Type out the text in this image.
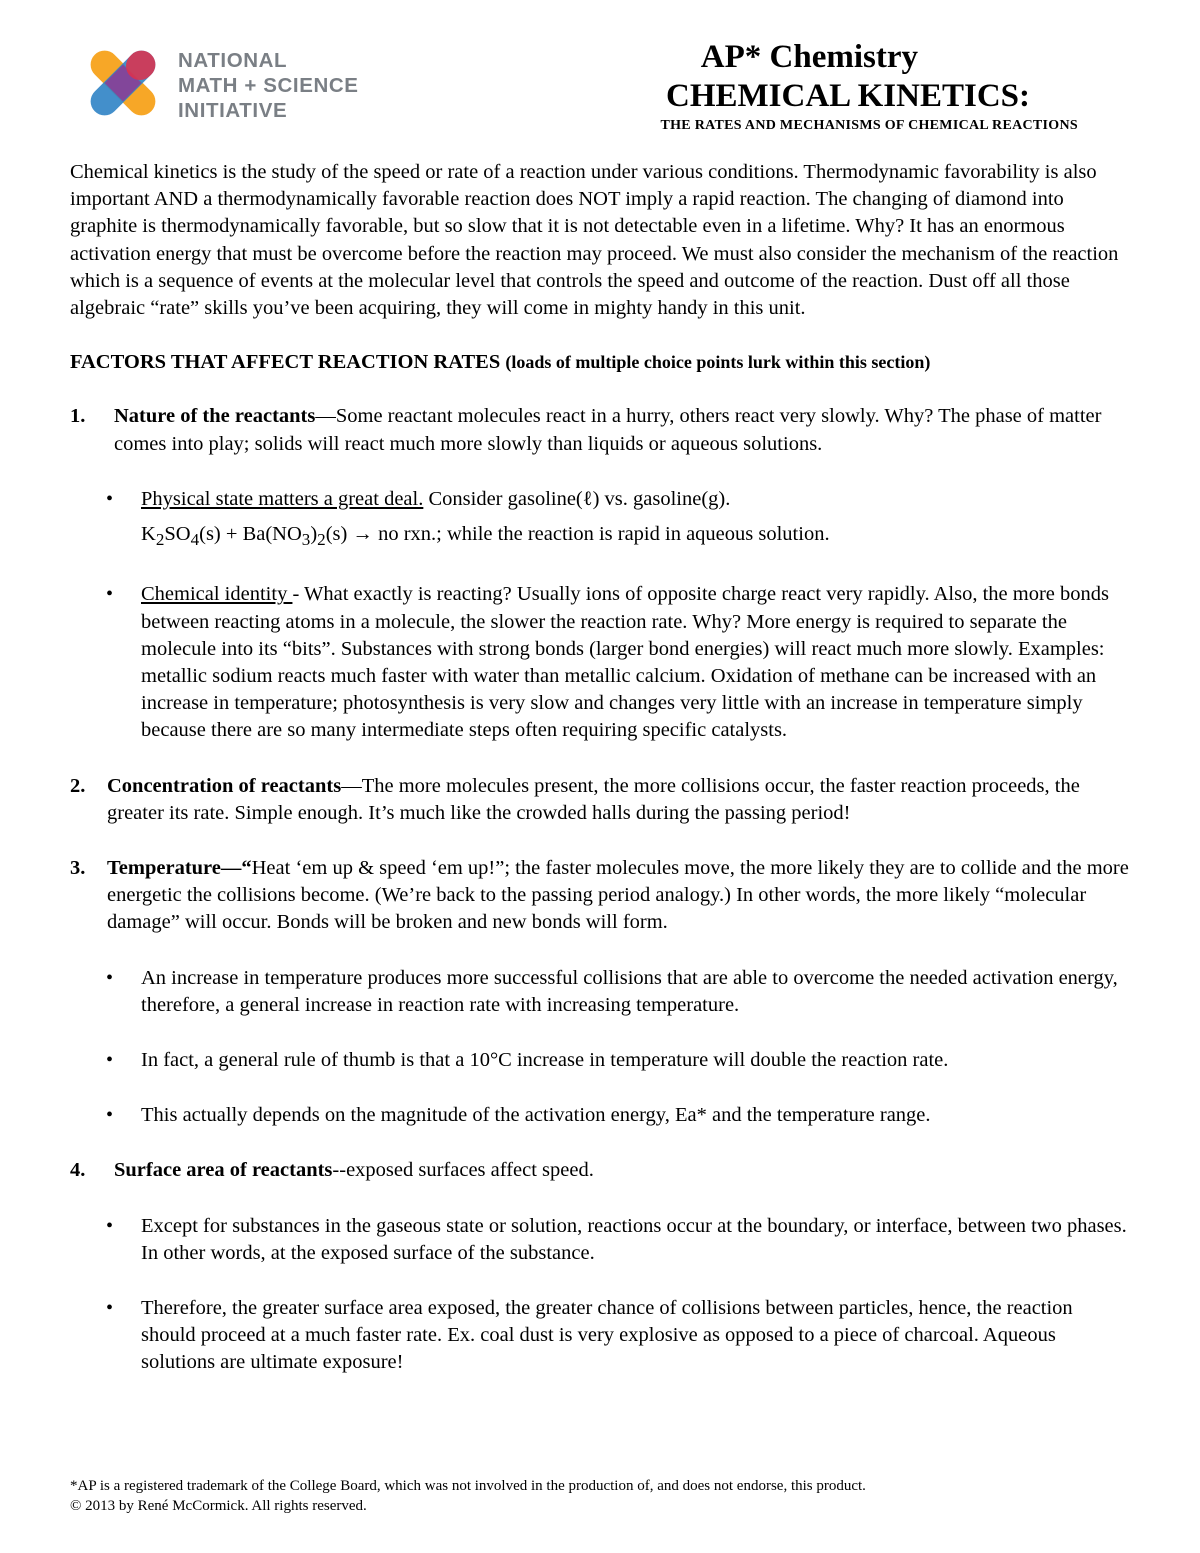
NATIONAL
MATH + SCIENCE
INITIATIVE
AP* Chemistry
CHEMICAL KINETICS:
THE RATES AND MECHANISMS OF CHEMICAL REACTIONS

Chemical kinetics is the study of the speed or rate of a reaction under various conditions. Thermodynamic favorability is also important AND a thermodynamically favorable reaction does NOT imply a rapid reaction. The changing of diamond into graphite is thermodynamically favorable, but so slow that it is not detectable even in a lifetime. Why? It has an enormous activation energy that must be overcome before the reaction may proceed. We must also consider the mechanism of the reaction which is a sequence of events at the molecular level that controls the speed and outcome of the reaction. Dust off all those algebraic “rate” skills you’ve been acquiring, they will come in mighty handy in this unit.

FACTORS THAT AFFECT REACTION RATES (loads of multiple choice points lurk within this section)

1. Nature of the reactants—Some reactant molecules react in a hurry, others react very slowly. Why? The phase of matter comes into play; solids will react much more slowly than liquids or aqueous solutions.
• Physical state matters a great deal. Consider gasoline(ℓ) vs. gasoline(g).
$K_2SO_4(s) + Ba(NO_3)_2(s)$ → no rxn.; while the reaction is rapid in aqueous solution.
• Chemical identity - What exactly is reacting? Usually ions of opposite charge react very rapidly. Also, the more bonds between reacting atoms in a molecule, the slower the reaction rate. Why? More energy is required to separate the molecule into its “bits”. Substances with strong bonds (larger bond energies) will react much more slowly. Examples: metallic sodium reacts much faster with water than metallic calcium. Oxidation of methane can be increased with an increase in temperature; photosynthesis is very slow and changes very little with an increase in temperature simply because there are so many intermediate steps often requiring specific catalysts.
2. Concentration of reactants—The more molecules present, the more collisions occur, the faster reaction proceeds, the greater its rate. Simple enough. It’s much like the crowded halls during the passing period!
3. Temperature—“Heat ‘em up & speed ‘em up!”; the faster molecules move, the more likely they are to collide and the more energetic the collisions become. (We’re back to the passing period analogy.) In other words, the more likely “molecular damage” will occur. Bonds will be broken and new bonds will form.
• An increase in temperature produces more successful collisions that are able to overcome the needed activation energy, therefore, a general increase in reaction rate with increasing temperature.
• In fact, a general rule of thumb is that a 10°C increase in temperature will double the reaction rate.
• This actually depends on the magnitude of the activation energy, Ea* and the temperature range.
4. Surface area of reactants--exposed surfaces affect speed.
• Except for substances in the gaseous state or solution, reactions occur at the boundary, or interface, between two phases. In other words, at the exposed surface of the substance.
• Therefore, the greater surface area exposed, the greater chance of collisions between particles, hence, the reaction should proceed at a much faster rate. Ex. coal dust is very explosive as opposed to a piece of charcoal. Aqueous solutions are ultimate exposure!
*AP is a registered trademark of the College Board, which was not involved in the production of, and does not endorse, this product.
© 2013 by René McCormick. All rights reserved.
